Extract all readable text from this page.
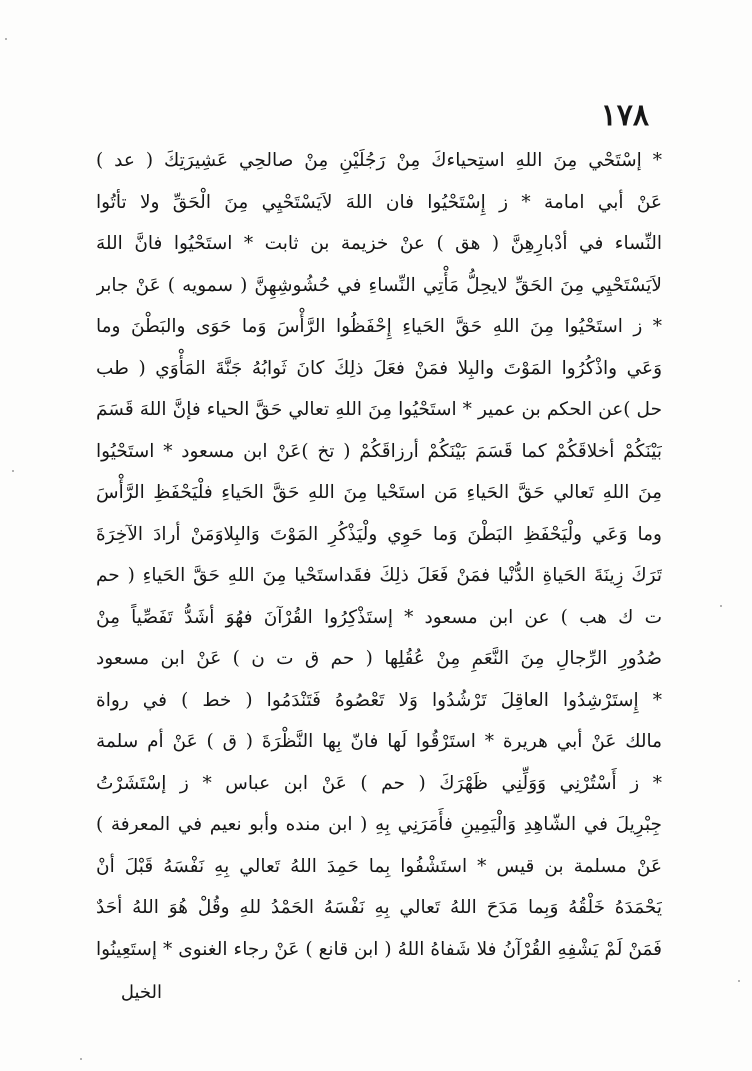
١٧٨
* إسْتَحْي مِنَ اللهِ استِحياءكَ مِنْ رَجُلَيْنِ مِنْ صالحِي عَشِيرَتِكَ ( عد )
عَنْ أبي امامة * ز إِسْتَحْيُوا فان اللهَ لاَيَسْتَحْيِي مِنَ الْحَقِّ ولا تأتُوا
النِّساء في أدْبارِهِنَّ ( هق ) عنْ خزيمة بن ثابت * استَحْيُوا فانَّ اللهَ
لاَيَسْتَحْيِي مِنَ الحَقِّ لايحِلُّ مَأْتِي النِّساءِ في حُشُوشِهِنَّ ( سمويه ) عَنْ جابر
* ز استَحْيُوا مِنَ اللهِ حَقَّ الحَياءِ إِحْفَظُوا الرَّأْسَ وَما حَوَى والبَطْنَ وما
وَعَي واذْكُرُوا المَوْتَ والبِلا فمَنْ فعَلَ ذلِكَ كانَ ثَوابُهُ جَنَّةَ المَأْوَي ( طب
حل )عن الحكم بن عمير * استَحْيُوا مِنَ اللهِ تعالي حَقَّ الحياء فإنَّ اللهَ قَسَمَ
بَيْنَكُمْ أخلاقَكُمْ كما قَسَمَ بَيْنَكُمْ أرزاقَكُمْ ( تخ )عَنْ ابن مسعود * استَحْيُوا
مِنَ اللهِ تَعالي حَقَّ الحَياءِ مَن استَحْيا مِنَ اللهِ حَقَّ الحَياءِ فلْيَحْفَظِ الرَّأْسَ
وما وَعَي ولْيَحْفَظِ البَطْنَ وَما حَوِي ولْيَذْكُرِ المَوْتَ وَالبِلاوَمَنْ أرادَ الآخِرَةَ
تَرَكَ زِينَةَ الحَياةِ الدُّنْيا فمَنْ فَعَلَ ذلِكَ فقَداستَحْيا مِنَ اللهِ حَقَّ الحَياءِ ( حم
ت ك هب ) عن ابن مسعود * إستَذْكِرُوا القُرْآنَ فهُوَ أشَدُّ تَفَصِّياً مِنْ
صُدُورِ الرِّجالِ مِنَ النَّعَمِ مِنْ عُقُلِها ( حم ق ت ن ) عَنْ ابن مسعود
* إِستَرْشِدُوا العاقِلَ تَرْشُدُوا وَلا تَعْصُوهُ فَتَنْدَمُوا ( خط ) في رواة
مالك عَنْ أبي هريرة * استَرْقُوا لَها فانّ بِها النَّظْرَةَ ( ق ) عَنْ أم سلمة
* ز أَسْتُرْنِي وَوَلِّنِي ظَهْرَكَ ( حم ) عَنْ ابن عباس * ز إسْتَشَرْتُ
جِبْرِيلَ في الشّاهِدِ وَالْيَمِينِ فأَمَرَنِي بِهِ ( ابن منده وأبو نعيم في المعرفة )
عَنْ مسلمة بن قيس * استَشْفُوا بِما حَمِدَ اللهُ تَعالي بِهِ نَفْسَهُ قَبْلَ أنْ
يَحْمَدَهُ خَلْقُهُ وَبِما مَدَحَ اللهُ تَعالي بِهِ نَفْسَهُ الحَمْدُ للهِ وقُلْ هُوَ اللهُ أحَدٌ
فَمَنْ لَمْ يَشْفِهِ القُرْآنُ فلا شَفاهُ اللهُ ( ابن قانع ) عَنْ رجاء الغنوى * إستَعِينُوا
الخيل
